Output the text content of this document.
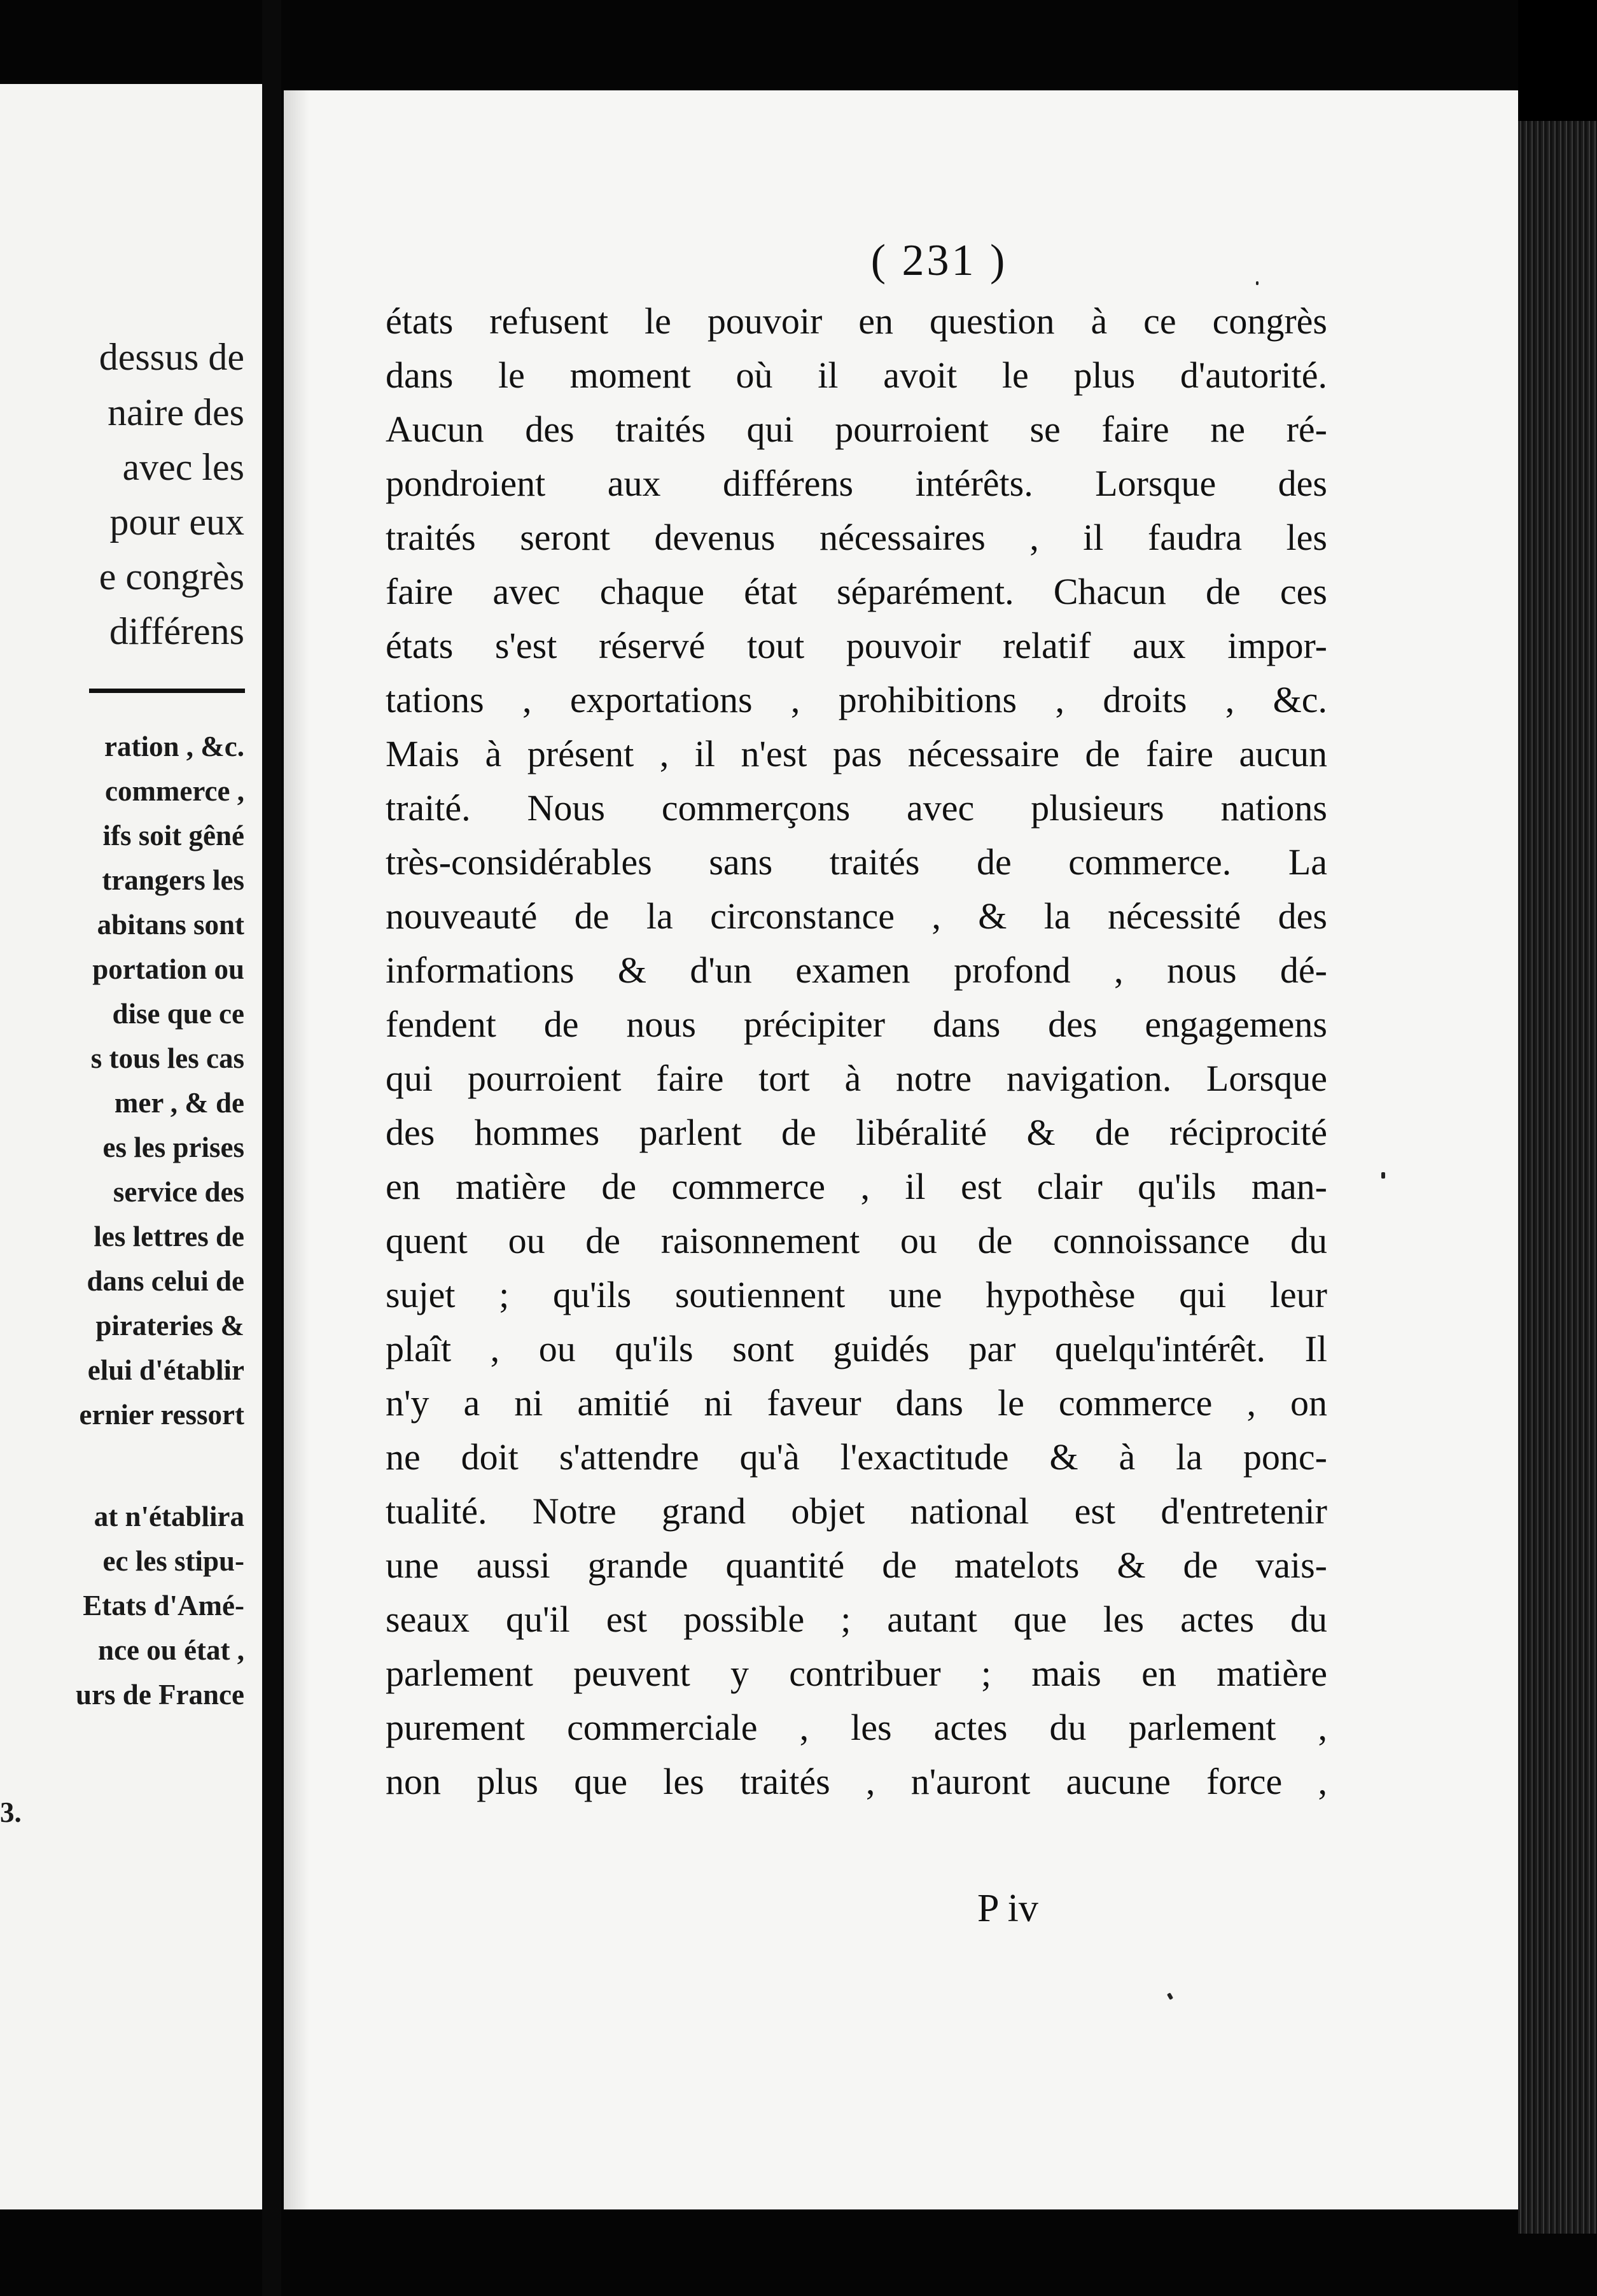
dessus de
naire des
avec les
pour eux
e congrès
différens
ration , &c.
commerce ,
ifs soit gêné
trangers les
abitans sont
portation ou
dise que ce
s tous les cas
mer , & de
es les prises
service des
les lettres de
dans celui de
pirateries &
elui d'établir
ernier ressort
at n'établira
ec les stipu-
Etats d'Amé-
nce ou état ,
urs de France
3.
( 231 )
états refusent le pouvoir en question à ce congrès
dans le moment où il avoit le plus d'autorité.
Aucun des traités qui pourroient se faire ne ré-
pondroient aux différens intérêts. Lorsque des
traités seront devenus nécessaires , il faudra les
faire avec chaque état séparément. Chacun de ces
états s'est réservé tout pouvoir relatif aux impor-
tations , exportations , prohibitions , droits , &c.
Mais à présent , il n'est pas nécessaire de faire aucun
traité. Nous commerçons avec plusieurs nations
très-considérables sans traités de commerce. La
nouveauté de la circonstance , & la nécessité des
informations & d'un examen profond , nous dé-
fendent de nous précipiter dans des engagemens
qui pourroient faire tort à notre navigation. Lorsque
des hommes parlent de libéralité & de réciprocité
en matière de commerce , il est clair qu'ils man-
quent ou de raisonnement ou de connoissance du
sujet ; qu'ils soutiennent une hypothèse qui leur
plaît , ou qu'ils sont guidés par quelqu'intérêt. Il
n'y a ni amitié ni faveur dans le commerce , on
ne doit s'attendre qu'à l'exactitude & à la ponc-
tualité. Notre grand objet national est d'entretenir
une aussi grande quantité de matelots & de vais-
seaux qu'il est possible ; autant que les actes du
parlement peuvent y contribuer ; mais en matière
purement commerciale , les actes du parlement ,
non plus que les traités , n'auront aucune force ,
P iv
